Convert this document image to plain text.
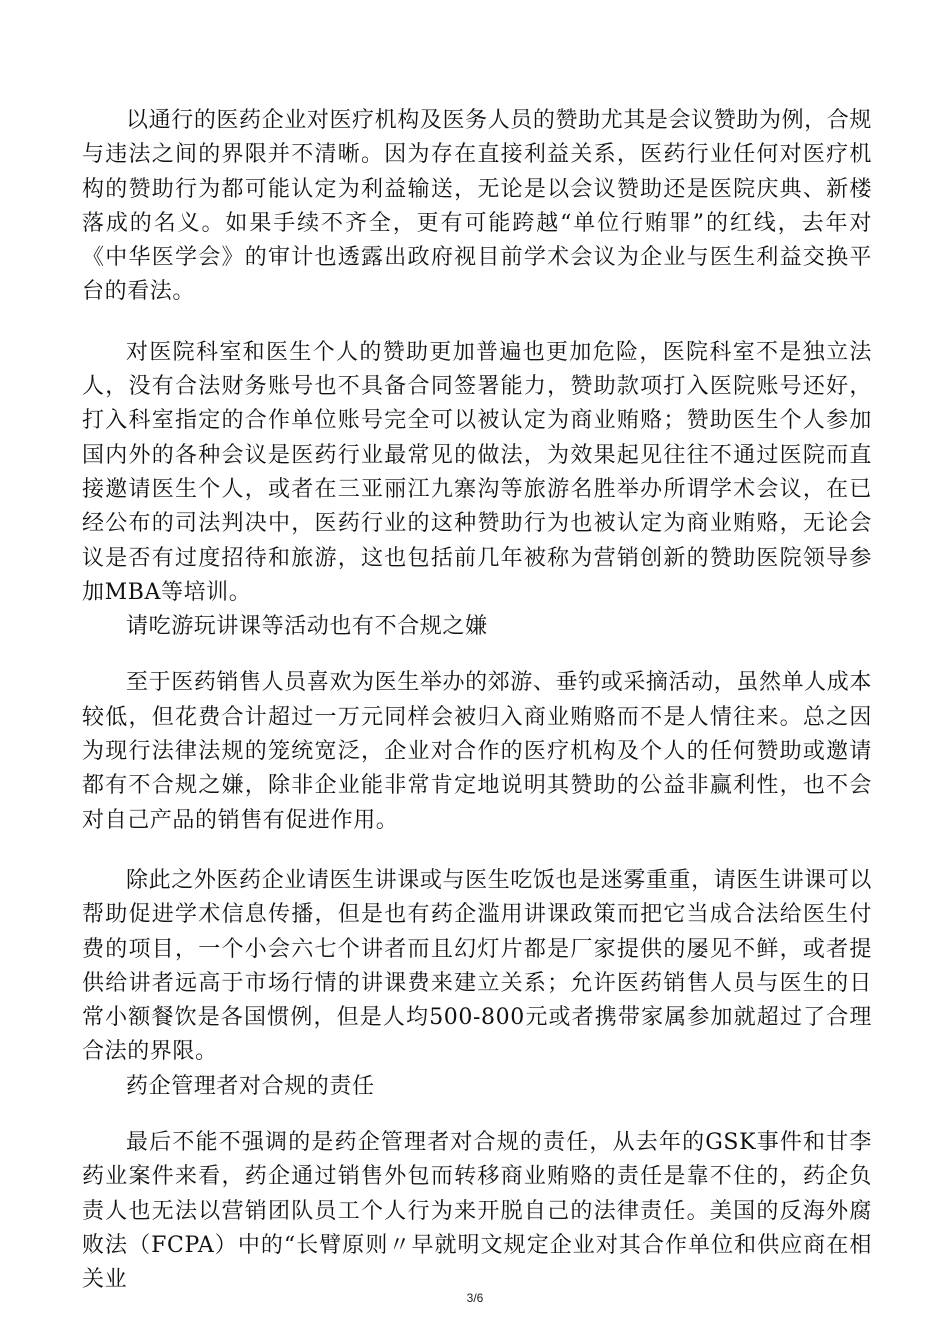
以通行的医药企业对医疗机构及医务人员的赞助尤其是会议赞助为例，合规与违法之间的界限并不清晰。因为存在直接利益关系，医药行业任何对医疗机构的赞助行为都可能认定为利益输送，无论是以会议赞助还是医院庆典、新楼落成的名义。如果手续不齐全，更有可能跨越“单位行贿罪”的红线，去年对《中华医学会》的审计也透露出政府视目前学术会议为企业与医生利益交换平台的看法。

对医院科室和医生个人的赞助更加普遍也更加危险，医院科室不是独立法人，没有合法财务账号也不具备合同签署能力，赞助款项打入医院账号还好，打入科室指定的合作单位账号完全可以被认定为商业贿赂；赞助医生个人参加国内外的各种会议是医药行业最常见的做法，为效果起见往往不通过医院而直接邀请医生个人，或者在三亚丽江九寨沟等旅游名胜举办所谓学术会议，在已经公布的司法判决中，医药行业的这种赞助行为也被认定为商业贿赂，无论会议是否有过度招待和旅游，这也包括前几年被称为营销创新的赞助医院领导参加MBA等培训。

请吃游玩讲课等活动也有不合规之嫌

至于医药销售人员喜欢为医生举办的郊游、垂钓或采摘活动，虽然单人成本较低，但花费合计超过一万元同样会被归入商业贿赂而不是人情往来。总之因为现行法律法规的笼统宽泛，企业对合作的医疗机构及个人的任何赞助或邀请都有不合规之嫌，除非企业能非常肯定地说明其赞助的公益非赢利性，也不会对自己产品的销售有促进作用。

除此之外医药企业请医生讲课或与医生吃饭也是迷雾重重，请医生讲课可以帮助促进学术信息传播，但是也有药企滥用讲课政策而把它当成合法给医生付费的项目，一个小会六七个讲者而且幻灯片都是厂家提供的屡见不鲜，或者提供给讲者远高于市场行情的讲课费来建立关系；允许医药销售人员与医生的日常小额餐饮是各国惯例，但是人均500-800元或者携带家属参加就超过了合理合法的界限。

药企管理者对合规的责任

最后不能不强调的是药企管理者对合规的责任，从去年的GSK事件和甘李药业案件来看，药企通过销售外包而转移商业贿赂的责任是靠不住的，药企负责人也无法以营销团队员工个人行为来开脱自己的法律责任。美国的反海外腐败法（FCPA）中的“长臂原则〃早就明文规定企业对其合作单位和供应商在相关业

3/6
